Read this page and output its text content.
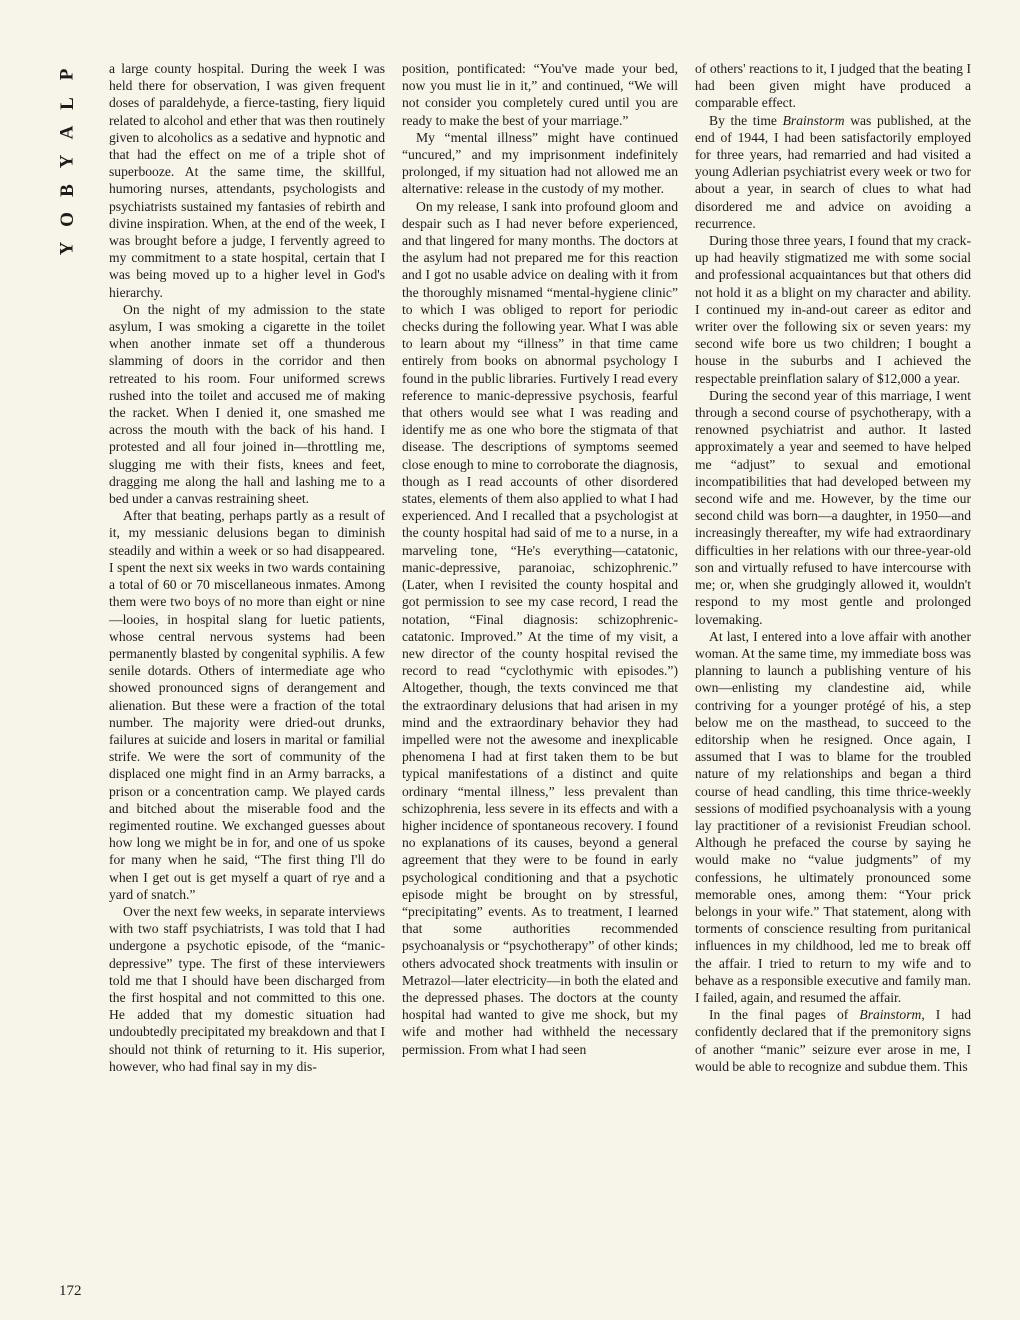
P
L
A
Y
B
O
Y
172

a large county hospital. During the week I was held there for observation, I was given frequent doses of paraldehyde, a fierce-tasting, fiery liquid related to alcohol and ether that was then routinely given to alcoholics as a sedative and hypnotic and that had the effect on me of a triple shot of superbooze. At the same time, the skillful, humoring nurses, attendants, psychologists and psychiatrists sustained my fantasies of rebirth and divine inspiration. When, at the end of the week, I was brought before a judge, I fervently agreed to my commitment to a state hospital, certain that I was being moved up to a higher level in God's hierarchy.

On the night of my admission to the state asylum, I was smoking a cigarette in the toilet when another inmate set off a thunderous slamming of doors in the corridor and then retreated to his room. Four uniformed screws rushed into the toilet and accused me of making the racket. When I denied it, one smashed me across the mouth with the back of his hand. I protested and all four joined in—throttling me, slugging me with their fists, knees and feet, dragging me along the hall and lashing me to a bed under a canvas restraining sheet.

After that beating, perhaps partly as a result of it, my messianic delusions began to diminish steadily and within a week or so had disappeared. I spent the next six weeks in two wards containing a total of 60 or 70 miscellaneous inmates. Among them were two boys of no more than eight or nine—looies, in hospital slang for luetic patients, whose central nervous systems had been permanently blasted by congenital syphilis. A few senile dotards. Others of intermediate age who showed pronounced signs of derangement and alienation. But these were a fraction of the total number. The majority were dried-out drunks, failures at suicide and losers in marital or familial strife. We were the sort of community of the displaced one might find in an Army barracks, a prison or a concentration camp. We played cards and bitched about the miserable food and the regimented routine. We exchanged guesses about how long we might be in for, and one of us spoke for many when he said, “The first thing I'll do when I get out is get myself a quart of rye and a yard of snatch.”

Over the next few weeks, in separate interviews with two staff psychiatrists, I was told that I had undergone a psychotic episode, of the “manic-depressive” type. The first of these interviewers told me that I should have been discharged from the first hospital and not committed to this one. He added that my domestic situation had undoubtedly precipitated my breakdown and that I should not think of returning to it. His superior, however, who had final say in my dis-

position, pontificated: “You've made your bed, now you must lie in it,” and continued, “We will not consider you completely cured until you are ready to make the best of your marriage.”

My “mental illness” might have continued “uncured,” and my imprisonment indefinitely prolonged, if my situation had not allowed me an alternative: release in the custody of my mother.

On my release, I sank into profound gloom and despair such as I had never before experienced, and that lingered for many months. The doctors at the asylum had not prepared me for this reaction and I got no usable advice on dealing with it from the thoroughly misnamed “mental-hygiene clinic” to which I was obliged to report for periodic checks during the following year. What I was able to learn about my “illness” in that time came entirely from books on abnormal psychology I found in the public libraries. Furtively I read every reference to manic-depressive psychosis, fearful that others would see what I was reading and identify me as one who bore the stigmata of that disease. The descriptions of symptoms seemed close enough to mine to corroborate the diagnosis, though as I read accounts of other disordered states, elements of them also applied to what I had experienced. And I recalled that a psychologist at the county hospital had said of me to a nurse, in a marveling tone, “He's everything—catatonic, manic-depressive, paranoiac, schizophrenic.” (Later, when I revisited the county hospital and got permission to see my case record, I read the notation, “Final diagnosis: schizophrenic-catatonic. Improved.” At the time of my visit, a new director of the county hospital revised the record to read “cyclothymic with episodes.”) Altogether, though, the texts convinced me that the extraordinary delusions that had arisen in my mind and the extraordinary behavior they had impelled were not the awesome and inexplicable phenomena I had at first taken them to be but typical manifestations of a distinct and quite ordinary “mental illness,” less prevalent than schizophrenia, less severe in its effects and with a higher incidence of spontaneous recovery. I found no explanations of its causes, beyond a general agreement that they were to be found in early psychological conditioning and that a psychotic episode might be brought on by stressful, “precipitating” events. As to treatment, I learned that some authorities recommended psychoanalysis or “psychotherapy” of other kinds; others advocated shock treatments with insulin or Metrazol—later electricity—in both the elated and the depressed phases. The doctors at the county hospital had wanted to give me shock, but my wife and mother had withheld the necessary permission. From what I had seen

of others' reactions to it, I judged that the beating I had been given might have produced a comparable effect.

By the time Brainstorm was published, at the end of 1944, I had been satisfactorily employed for three years, had remarried and had visited a young Adlerian psychiatrist every week or two for about a year, in search of clues to what had disordered me and advice on avoiding a recurrence.

During those three years, I found that my crack-up had heavily stigmatized me with some social and professional acquaintances but that others did not hold it as a blight on my character and ability. I continued my in-and-out career as editor and writer over the following six or seven years: my second wife bore us two children; I bought a house in the suburbs and I achieved the respectable preinflation salary of $12,000 a year.

During the second year of this marriage, I went through a second course of psychotherapy, with a renowned psychiatrist and author. It lasted approximately a year and seemed to have helped me “adjust” to sexual and emotional incompatibilities that had developed between my second wife and me. However, by the time our second child was born—a daughter, in 1950—and increasingly thereafter, my wife had extraordinary difficulties in her relations with our three-year-old son and virtually refused to have intercourse with me; or, when she grudgingly allowed it, wouldn't respond to my most gentle and prolonged lovemaking.

At last, I entered into a love affair with another woman. At the same time, my immediate boss was planning to launch a publishing venture of his own—enlisting my clandestine aid, while contriving for a younger protégé of his, a step below me on the masthead, to succeed to the editorship when he resigned. Once again, I assumed that I was to blame for the troubled nature of my relationships and began a third course of head candling, this time thrice-weekly sessions of modified psychoanalysis with a young lay practitioner of a revisionist Freudian school. Although he prefaced the course by saying he would make no “value judgments” of my confessions, he ultimately pronounced some memorable ones, among them: “Your prick belongs in your wife.” That statement, along with torments of conscience resulting from puritanical influences in my childhood, led me to break off the affair. I tried to return to my wife and to behave as a responsible executive and family man. I failed, again, and resumed the affair.

In the final pages of Brainstorm, I had confidently declared that if the premonitory signs of another “manic” seizure ever arose in me, I would be able to recognize and subdue them. This
